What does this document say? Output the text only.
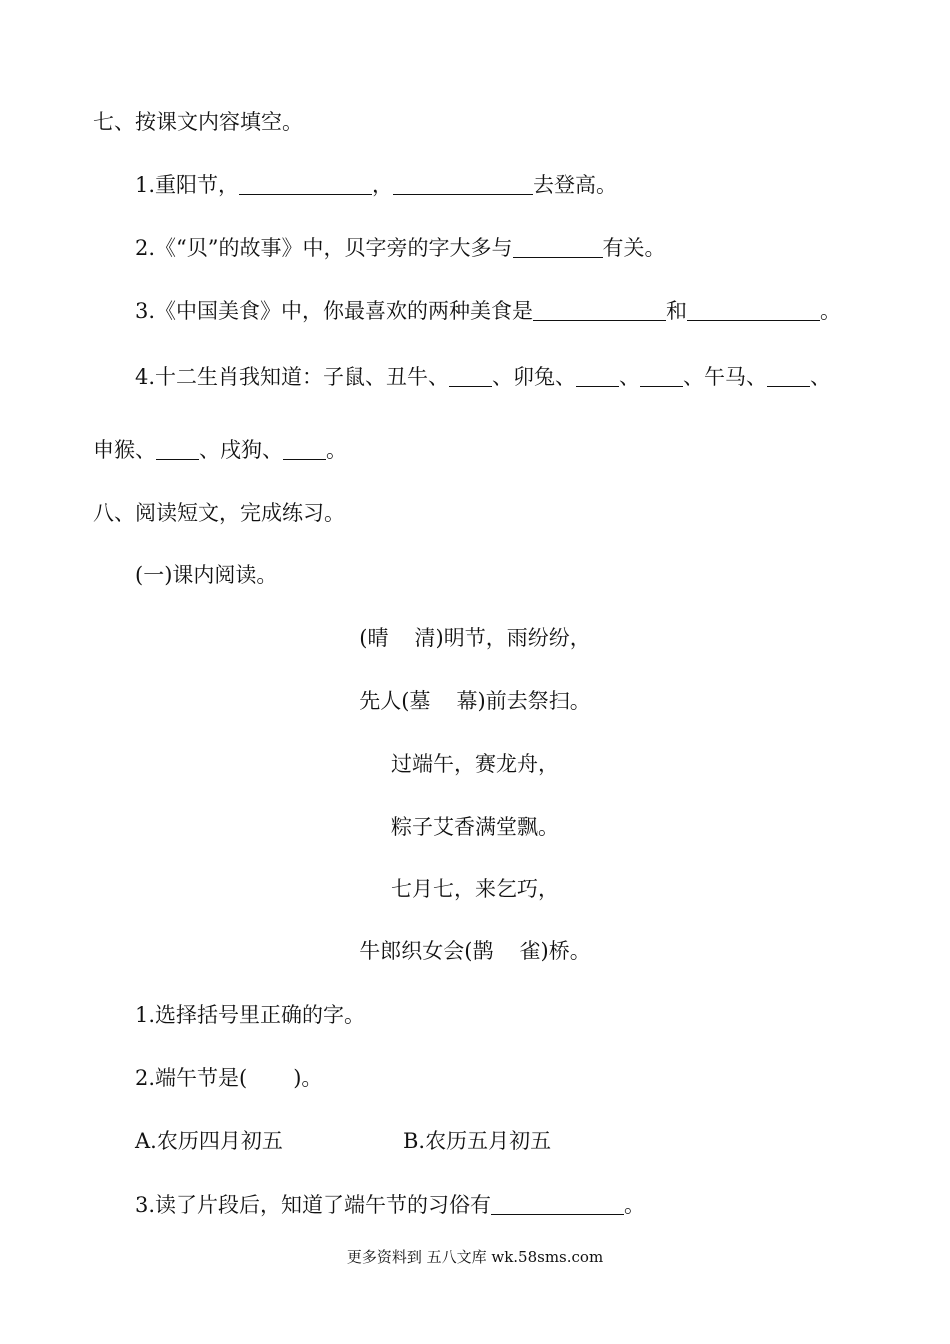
七、按课文内容填空。
1.重阳节，	，	去登高。
2.《“贝”的故事》中，贝字旁的字大多与	有关。
3.《中国美食》中，你最喜欢的两种美食是	和	。
4.十二生肖我知道：子鼠、丑牛、 、卯兔、 、 、午马、 、
申猴、 、戌狗、 。
八、阅读短文，完成练习。
(一)课内阅读。
(晴 清)明节，雨纷纷，
先人(墓 幕)前去祭扫。
过端午，赛龙舟，
粽子艾香满堂飘。
七月七，来乞巧，
牛郎织女会(鹊 雀)桥。
1.选择括号里正确的字。
2.端午节是( )。
A.农历四月初五	B.农历五月初五
3.读了片段后，知道了端午节的习俗有	。
更多资料到 五八文库 wk.58sms.com
